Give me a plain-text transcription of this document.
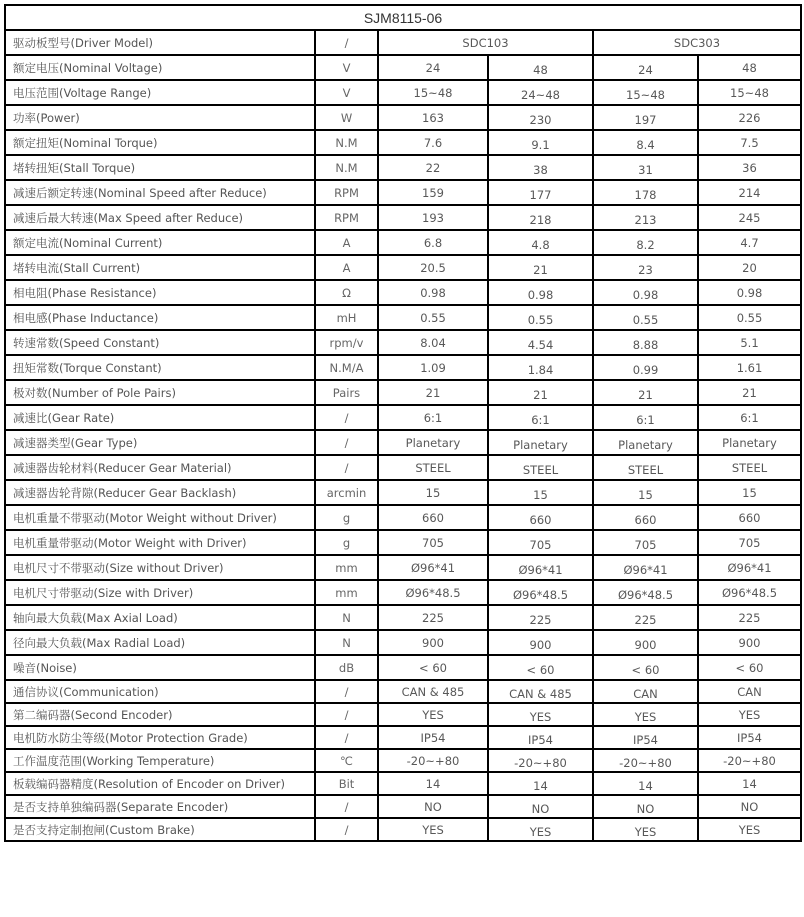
SJM8115-06					
驱动板型号(Driver Model)	/	SDC103		SDC303	
额定电压(Nominal Voltage)	V	24	48	24	48
电压范围(Voltage Range)	V	15~48	24~48	15~48	15~48
功率(Power)	W	163	230	197	226
额定扭矩(Nominal Torque)	N.M	7.6	9.1	8.4	7.5
堵转扭矩(Stall Torque)	N.M	22	38	31	36
减速后额定转速(Nominal Speed after Reduce)	RPM	159	177	178	214
减速后最大转速(Max Speed after Reduce)	RPM	193	218	213	245
额定电流(Nominal Current)	A	6.8	4.8	8.2	4.7
堵转电流(Stall Current)	A	20.5	21	23	20
相电阻(Phase Resistance)	Ω	0.98	0.98	0.98	0.98
相电感(Phase Inductance)	mH	0.55	0.55	0.55	0.55
转速常数(Speed Constant)	rpm/v	8.04	4.54	8.88	5.1
扭矩常数(Torque Constant)	N.M/A	1.09	1.84	0.99	1.61
极对数(Number of Pole Pairs)	Pairs	21	21	21	21
减速比(Gear Rate)	/	6:1	6:1	6:1	6:1
减速器类型(Gear Type)	/	Planetary	Planetary	Planetary	Planetary
减速器齿轮材料(Reducer Gear Material)	/	STEEL	STEEL	STEEL	STEEL
减速器齿轮背隙(Reducer Gear Backlash)	arcmin	15	15	15	15
电机重量不带驱动(Motor Weight without Driver)	g	660	660	660	660
电机重量带驱动(Motor Weight with Driver)	g	705	705	705	705
电机尺寸不带驱动(Size without Driver)	mm	Ø96*41	Ø96*41	Ø96*41	Ø96*41
电机尺寸带驱动(Size with Driver)	mm	Ø96*48.5	Ø96*48.5	Ø96*48.5	Ø96*48.5
轴向最大负载(Max Axial Load)	N	225	225	225	225
径向最大负载(Max Radial Load)	N	900	900	900	900
噪音(Noise)	dB	< 60	< 60	< 60	< 60
通信协议(Communication)	/	CAN & 485	CAN & 485	CAN	CAN
第二编码器(Second Encoder)	/	YES	YES	YES	YES
电机防水防尘等级(Motor Protection Grade)	/	IP54	IP54	IP54	IP54
工作温度范围(Working Temperature)	℃	-20~+80	-20~+80	-20~+80	-20~+80
板载编码器精度(Resolution of Encoder on Driver)	Bit	14	14	14	14
是否支持单独编码器(Separate Encoder)	/	NO	NO	NO	NO
是否支持定制抱闸(Custom Brake)	/	YES	YES	YES	YES
